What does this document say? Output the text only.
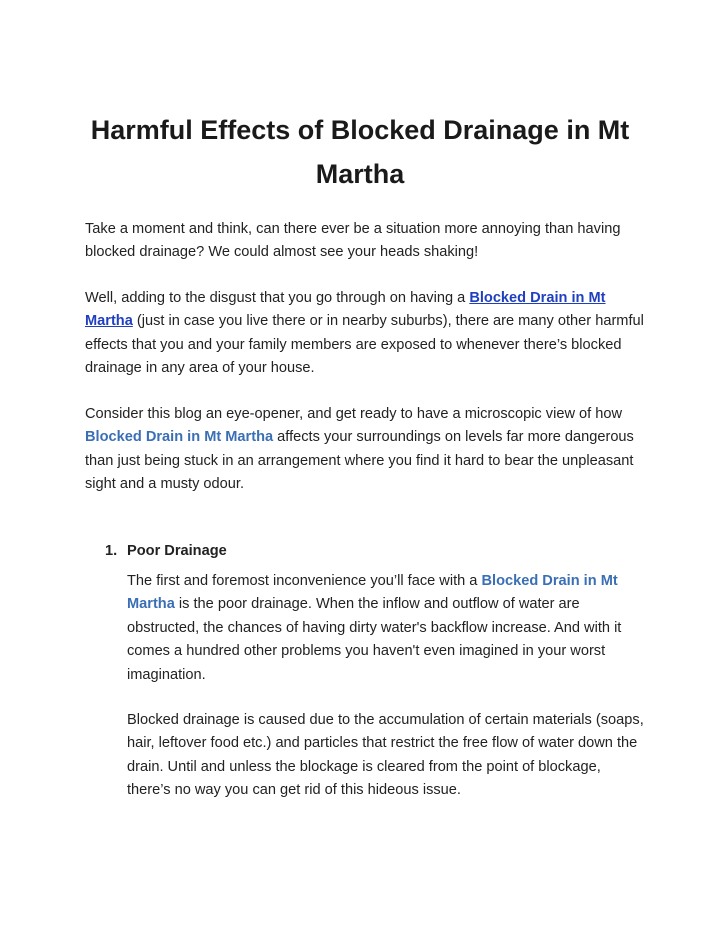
Harmful Effects of Blocked Drainage in Mt Martha

Take a moment and think, can there ever be a situation more annoying than having blocked drainage? We could almost see your heads shaking!

Well, adding to the disgust that you go through on having a Blocked Drain in Mt Martha (just in case you live there or in nearby suburbs), there are many other harmful effects that you and your family members are exposed to whenever there’s blocked drainage in any area of your house.

Consider this blog an eye-opener, and get ready to have a microscopic view of how Blocked Drain in Mt Martha affects your surroundings on levels far more dangerous than just being stuck in an arrangement where you find it hard to bear the unpleasant sight and a musty odour.

1. Poor Drainage

The first and foremost inconvenience you’ll face with a Blocked Drain in Mt Martha is the poor drainage. When the inflow and outflow of water are obstructed, the chances of having dirty water's backflow increase. And with it comes a hundred other problems you haven't even imagined in your worst imagination.

Blocked drainage is caused due to the accumulation of certain materials (soaps, hair, leftover food etc.) and particles that restrict the free flow of water down the drain. Until and unless the blockage is cleared from the point of blockage, there’s no way you can get rid of this hideous issue.
